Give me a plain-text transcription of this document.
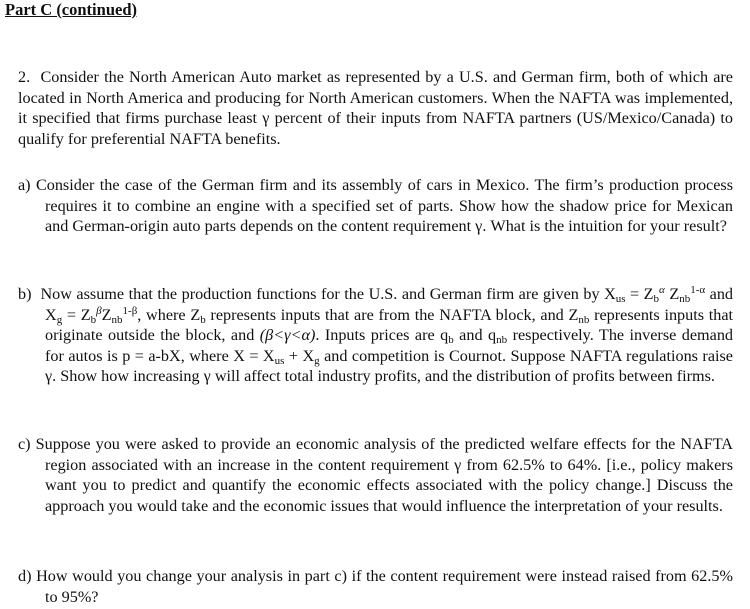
Part C (continued)
2. Consider the North American Auto market as represented by a U.S. and German firm, both of which are located in North America and producing for North American customers. When the NAFTA was implemented, it specified that firms purchase least γ percent of their inputs from NAFTA partners (US/Mexico/Canada) to qualify for preferential NAFTA benefits.
a) Consider the case of the German firm and its assembly of cars in Mexico. The firm’s production process requires it to combine an engine with a specified set of parts. Show how the shadow price for Mexican and German-origin auto parts depends on the content requirement γ. What is the intuition for your result?
b) Now assume that the production functions for the U.S. and German firm are given by $X_{us} = Z_b^\alpha$ $Z_{nb}^{1-\alpha}$ and $X_g = Z_b^\beta Z_{nb}^{1-\beta}$, where $Z_b$ represents inputs that are from the NAFTA block, and $Z_{nb}$ represents inputs that originate outside the block, and (β<γ<α). Inputs prices are $q_b$ and $q_{nb}$ respectively. The inverse demand for autos is p = a-bX, where $X = X_{us} + X_g$ and competition is Cournot. Suppose NAFTA regulations raise γ. Show how increasing γ will affect total industry profits, and the distribution of profits between firms.
c) Suppose you were asked to provide an economic analysis of the predicted welfare effects for the NAFTA region associated with an increase in the content requirement γ from 62.5% to 64%. [i.e., policy makers want you to predict and quantify the economic effects associated with the policy change.] Discuss the approach you would take and the economic issues that would influence the interpretation of your results.
d) How would you change your analysis in part c) if the content requirement were instead raised from 62.5% to 95%?
